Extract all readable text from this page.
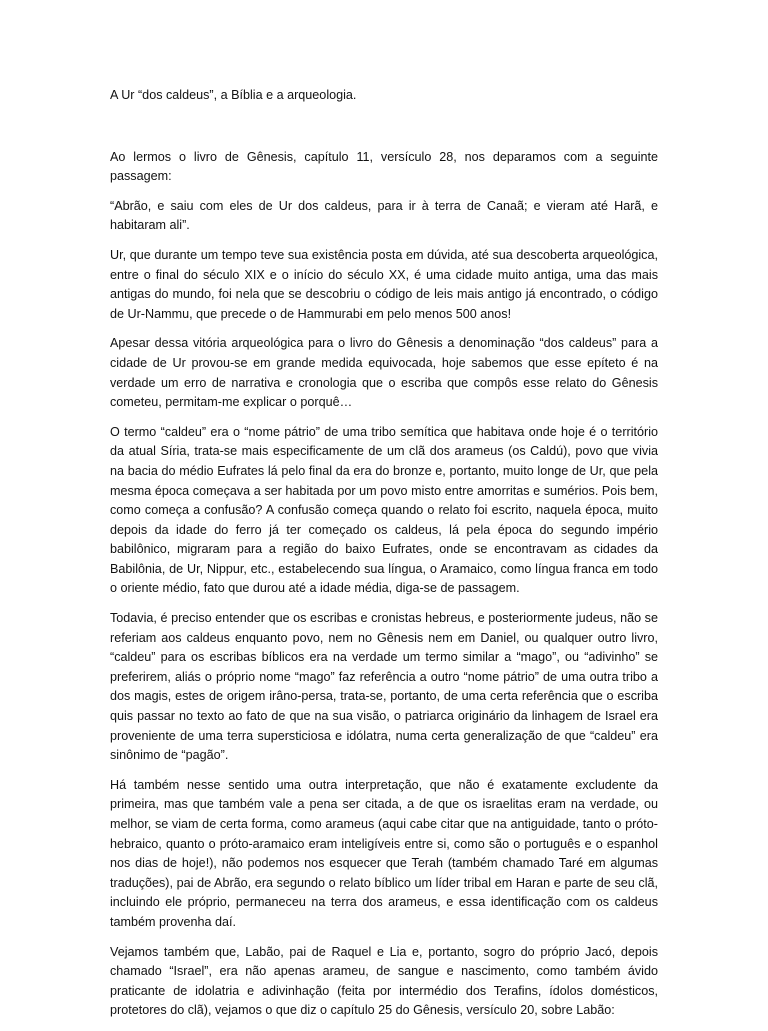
A Ur “dos caldeus”, a Bíblia e a arqueologia.

Ao lermos o livro de Gênesis, capítulo 11, versículo 28, nos deparamos com a seguinte passagem:

“Abrão, e saiu com eles de Ur dos caldeus, para ir à terra de Canaã; e vieram até Harã, e habitaram ali”.

Ur, que durante um tempo teve sua existência posta em dúvida, até sua descoberta arqueológica, entre o final do século XIX e o início do século XX, é uma cidade muito antiga, uma das mais antigas do mundo, foi nela que se descobriu o código de leis mais antigo já encontrado, o código de Ur-Nammu, que precede o de Hammurabi em pelo menos 500 anos!

Apesar dessa vitória arqueológica para o livro do Gênesis a denominação “dos caldeus” para a cidade de Ur provou-se em grande medida equivocada, hoje sabemos que esse epíteto é na verdade um erro de narrativa e cronologia que o escriba que compôs esse relato do Gênesis cometeu, permitam-me explicar o porquê…

O termo “caldeu” era o “nome pátrio” de uma tribo semítica que habitava onde hoje é o território da atual Síria, trata-se mais especificamente de um clã dos arameus (os Caldú), povo que vivia na bacia do médio Eufrates lá pelo final da era do bronze e, portanto, muito longe de Ur, que pela mesma época começava a ser habitada por um povo misto entre amorritas e sumérios. Pois bem, como começa a confusão? A confusão começa quando o relato foi escrito, naquela época, muito depois da idade do ferro já ter começado os caldeus, lá pela época do segundo império babilônico, migraram para a região do baixo Eufrates, onde se encontravam as cidades da Babilônia, de Ur, Nippur, etc., estabelecendo sua língua, o Aramaico, como língua franca em todo o oriente médio, fato que durou até a idade média, diga-se de passagem.

Todavia, é preciso entender que os escribas e cronistas hebreus, e posteriormente judeus, não se referiam aos caldeus enquanto povo, nem no Gênesis nem em Daniel, ou qualquer outro livro, “caldeu” para os escribas bíblicos era na verdade um termo similar a “mago”, ou “adivinho” se preferirem, aliás o próprio nome “mago” faz referência a outro “nome pátrio” de uma outra tribo a dos magis, estes de origem irâno-persa, trata-se, portanto, de uma certa referência que o escriba quis passar no texto ao fato de que na sua visão, o patriarca originário da linhagem de Israel era proveniente de uma terra supersticiosa e idólatra, numa certa generalização de que “caldeu” era sinônimo de “pagão”.

Há também nesse sentido uma outra interpretação, que não é exatamente excludente da primeira, mas que também vale a pena ser citada, a de que os israelitas eram na verdade, ou melhor, se viam de certa forma, como arameus (aqui cabe citar que na antiguidade, tanto o próto-hebraico, quanto o próto-aramaico eram inteligíveis entre si, como são o português e o espanhol nos dias de hoje!), não podemos nos esquecer que Terah (também chamado Taré em algumas traduções), pai de Abrão, era segundo o relato bíblico um líder tribal em Haran e parte de seu clã, incluindo ele próprio, permaneceu na terra dos arameus, e essa identificação com os caldeus também provenha daí.

Vejamos também que, Labão, pai de Raquel e Lia e, portanto, sogro do próprio Jacó, depois chamado “Israel”, era não apenas arameu, de sangue e nascimento, como também ávido praticante de idolatria e adivinhação (feita por intermédio dos Terafins, ídolos domésticos, protetores do clã), vejamos o que diz o capítulo 25 do Gênesis, versículo 20, sobre Labão:
